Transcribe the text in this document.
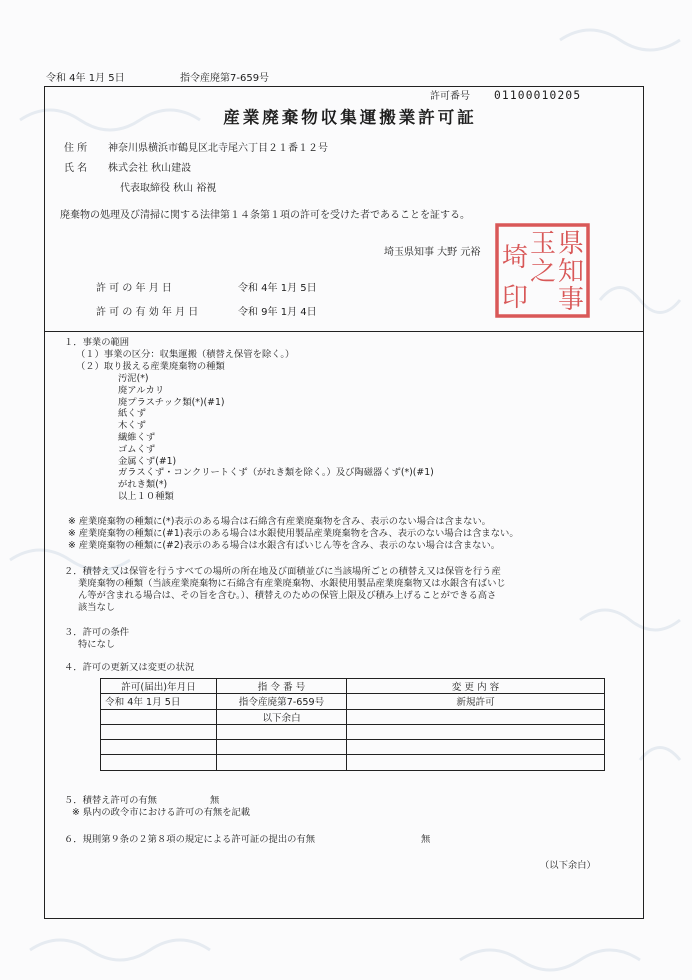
令和 4年 1月 5日	指令産廃第7-659号
許可番号 01100010205
産業廃棄物収集運搬業許可証
住 所 神奈川県横浜市鶴見区北寺尾六丁目２１番１２号
氏 名 株式会社 秋山建設
代表取締役 秋山 裕視
廃棄物の処理及び清掃に関する法律第１４条第１項の許可を受けた者であることを証する。
埼玉県知事 大野 元裕	県
知
事
玉
之
埼
印
許 可 の 年 月 日	令和 4年 1月 5日
許 可 の 有 効 年 月 日	令和 9年 1月 4日
１．事業の範囲
（１）事業の区分：収集運搬（積替え保管を除く。）
（２）取り扱える産業廃棄物の種類
汚泥(*)
廃アルカリ
廃プラスチック類(*)(#1)
紙くず
木くず
繊維くず
ゴムくず
金属くず(#1)
ガラスくず・コンクリートくず（がれき類を除く。）及び陶磁器くず(*)(#1)
がれき類(*)
以上１０種類
※ 産業廃棄物の種類に(*)表示のある場合は石綿含有産業廃棄物を含み、表示のない場合は含まない。
※ 産業廃棄物の種類に(#1)表示のある場合は水銀使用製品産業廃棄物を含み、表示のない場合は含まない。
※ 産業廃棄物の種類に(#2)表示のある場合は水銀含有ばいじん等を含み、表示のない場合は含まない。
２．積替え又は保管を行うすべての場所の所在地及び面積並びに当該場所ごとの積替え又は保管を行う産
業廃棄物の種類（当該産業廃棄物に石綿含有産業廃棄物、水銀使用製品産業廃棄物又は水銀含有ばいじ
ん等が含まれる場合は、その旨を含む。）、積替えのための保管上限及び積み上げることができる高さ
該当なし
３．許可の条件
特になし
４．許可の更新又は変更の状況
許可(届出)年月日	指 令 番 号	変 更 内 容
令和 4年 1月 5日	指令産廃第7-659号	新規許可
	以下余白	

５．積替え許可の有無	無
※ 県内の政令市における許可の有無を記載
６．規則第９条の２第８項の規定による許可証の提出の有無	無
（以下余白）
